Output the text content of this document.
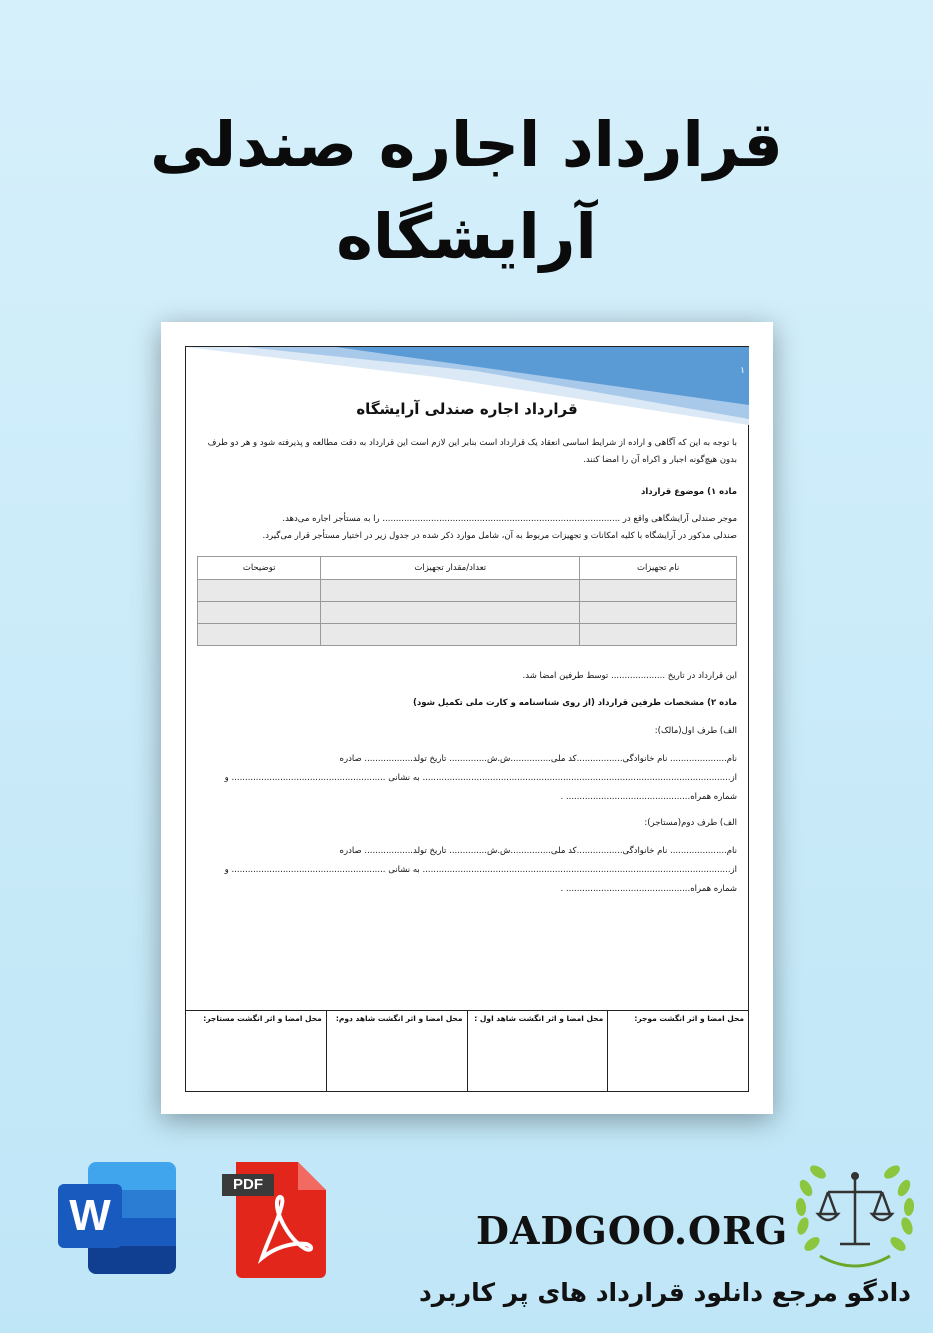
قرارداد اجاره صندلی
آرایشگاه
۱
قرارداد اجاره صندلی آرایشگاه
با توجه به این که آگاهی و اراده از شرایط اساسی انعقاد یک قرارداد است بنابر این لازم است این قرارداد به دقت مطالعه و پذیرفته شود و هر دو طرف
بدون هیچ‌گونه اجبار و اکراه آن را امضا کنند.
ماده ۱) موضوع قرارداد
موجر صندلی آرایشگاهی واقع در ........................................................................................ را به مستأجر اجاره می‌دهد.
صندلی مذکور در آرایشگاه با کلیه امکانات و تجهیزات مربوط به آن، شامل موارد ذکر شده در جدول زیر در اختیار مستأجر قرار می‌گیرد.
نام تجهیزات	تعداد/مقدار تجهیزات	توضیحات

این قرارداد در تاریخ .................... توسط طرفین امضا شد.
ماده ۲) مشخصات طرفین قرارداد (از روی شناسنامه و کارت ملی تکمیل شود)
الف) طرف اول(مالک):
نام..................... نام خانوادگی.................کد ملی...............ش.ش.............. تاریخ تولد.................. صادره
از.................................................................................................................. به نشانی ......................................................... و
شماره همراه.............................................. .
الف) طرف دوم(مستاجر):
نام..................... نام خانوادگی.................کد ملی...............ش.ش.............. تاریخ تولد.................. صادره
از.................................................................................................................. به نشانی ......................................................... و
شماره همراه.............................................. .
محل امضا و اثر انگشت موجر:	محل امضا و اثر انگشت شاهد اول :	محل امضا و اثر انگشت شاهد دوم:	محل امضا و اثر انگشت مستاجر:
W
PDF
DADGOO.ORG
دادگو مرجع دانلود قرارداد های پر کاربرد
